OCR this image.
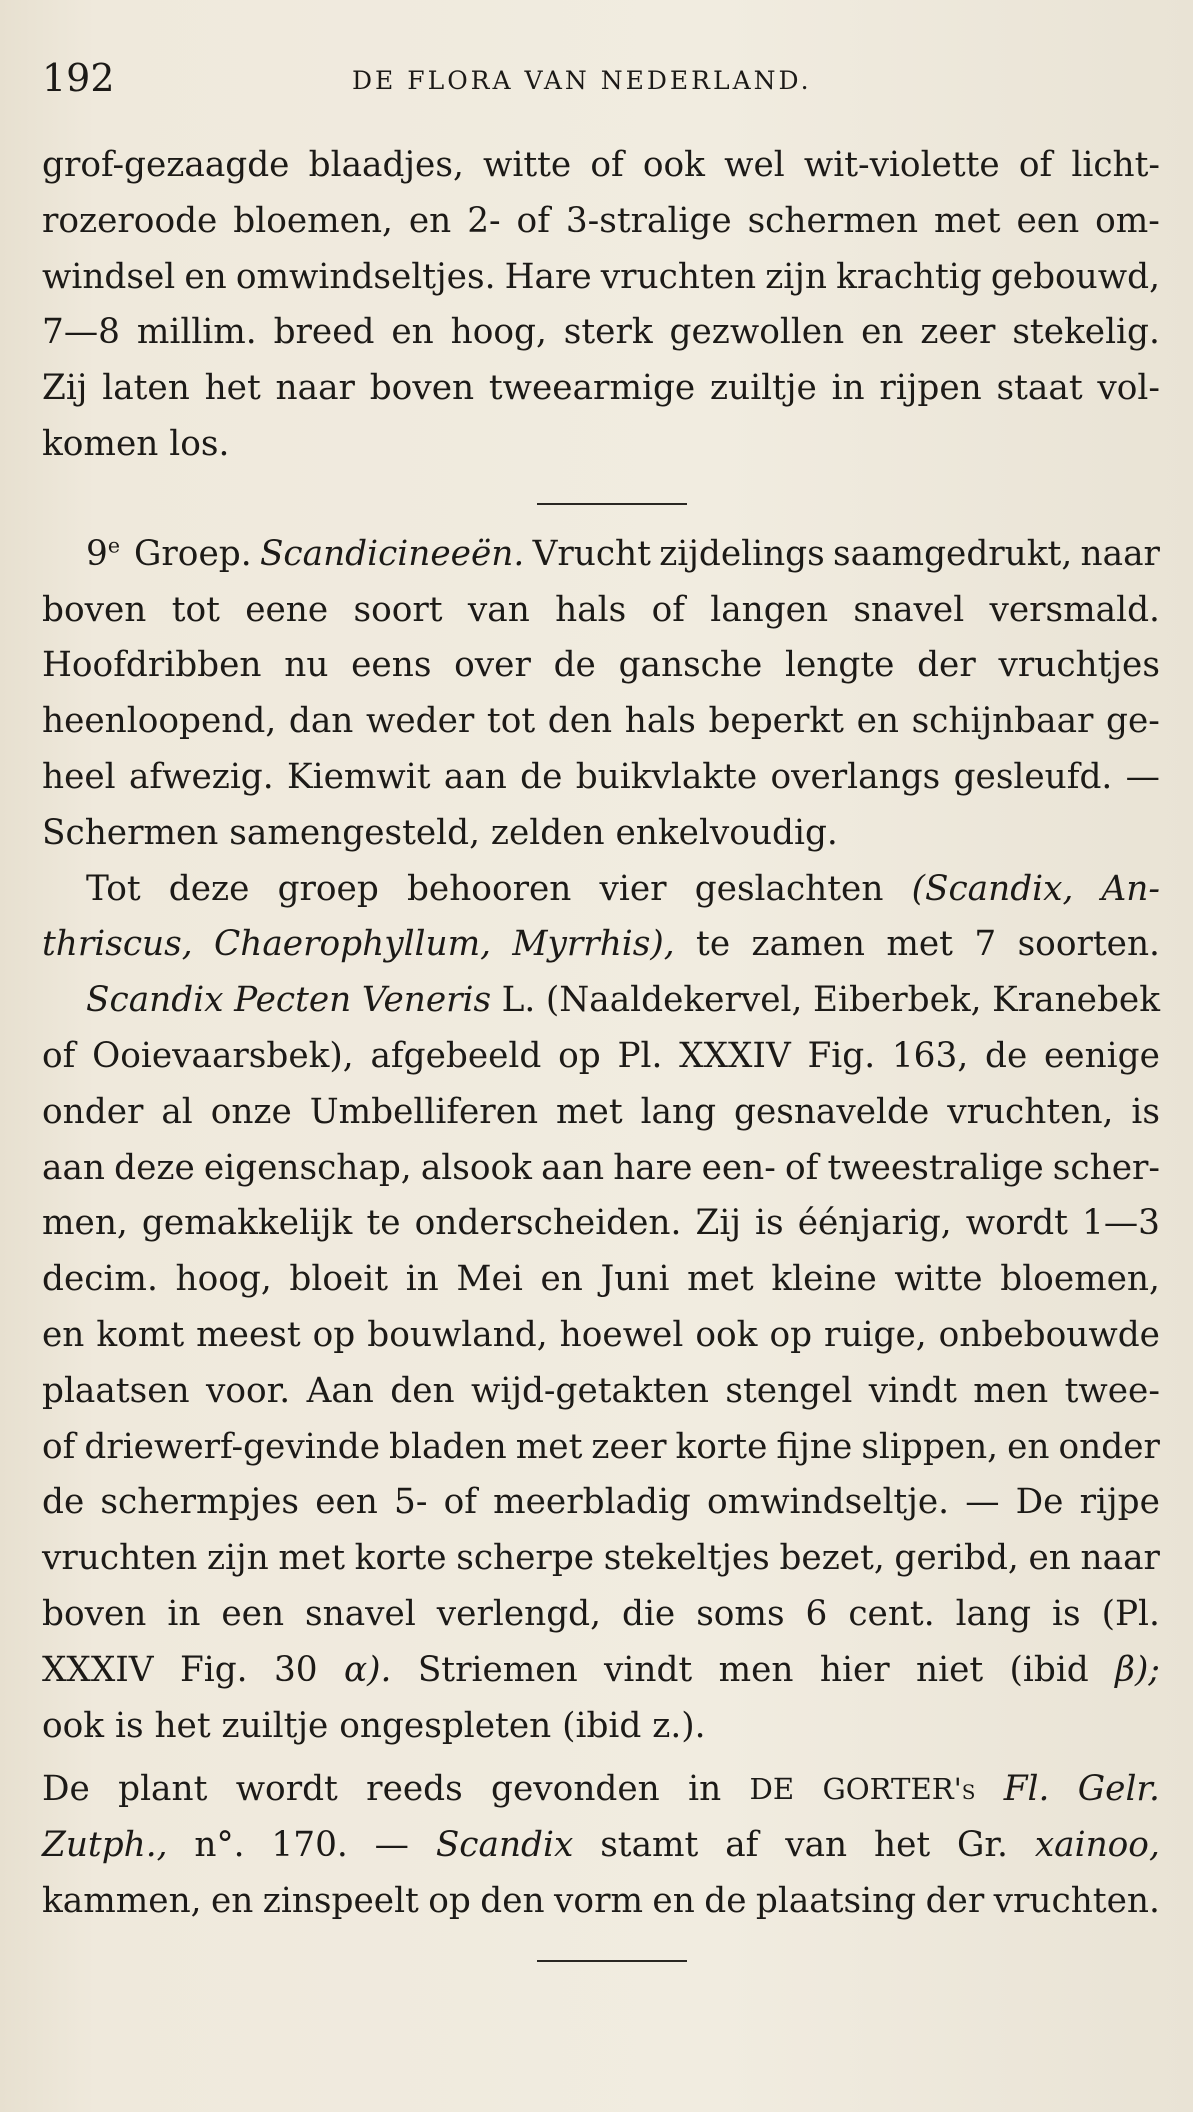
192	DE FLORA VAN NEDERLAND.
grof-gezaagde blaadjes, witte of ook wel wit-violette of licht-
rozeroode bloemen, en 2- of 3-stralige schermen met een om-
windsel en omwindseltjes. Hare vruchten zijn krachtig gebouwd,
7—8 millim. breed en hoog, sterk gezwollen en zeer stekelig.
Zij laten het naar boven tweearmige zuiltje in rijpen staat vol-
komen los.
9e Groep. Scandicineeën. Vrucht zijdelings saamgedrukt, naar
boven tot eene soort van hals of langen snavel versmald.
Hoofdribben nu eens over de gansche lengte der vruchtjes
heenloopend, dan weder tot den hals beperkt en schijnbaar ge-
heel afwezig. Kiemwit aan de buikvlakte overlangs gesleufd. —
Schermen samengesteld, zelden enkelvoudig.
Tot deze groep behooren vier geslachten (Scandix, An-
thriscus, Chaerophyllum, Myrrhis), te zamen met 7 soorten.
Scandix Pecten Veneris L. (Naaldekervel, Eiberbek, Kranebek
of Ooievaarsbek), afgebeeld op Pl. XXXIV Fig. 163, de eenige
onder al onze Umbelliferen met lang gesnavelde vruchten, is
aan deze eigenschap, alsook aan hare een- of tweestralige scher-
men, gemakkelijk te onderscheiden. Zij is éénjarig, wordt 1—3
decim. hoog, bloeit in Mei en Juni met kleine witte bloemen,
en komt meest op bouwland, hoewel ook op ruige, onbebouwde
plaatsen voor. Aan den wijd-getakten stengel vindt men twee-
of driewerf-gevinde bladen met zeer korte fijne slippen, en onder
de schermpjes een 5- of meerbladig omwindseltje. — De rijpe
vruchten zijn met korte scherpe stekeltjes bezet, geribd, en naar
boven in een snavel verlengd, die soms 6 cent. lang is (Pl.
XXXIV Fig. 30 α). Striemen vindt men hier niet (ibid β);
ook is het zuiltje ongespleten (ibid z.).
De plant wordt reeds gevonden in DE GORTER's Fl. Gelr.
Zutph., n°. 170. — Scandix stamt af van het Gr. xainoo,
kammen, en zinspeelt op den vorm en de plaatsing der vruchten.
